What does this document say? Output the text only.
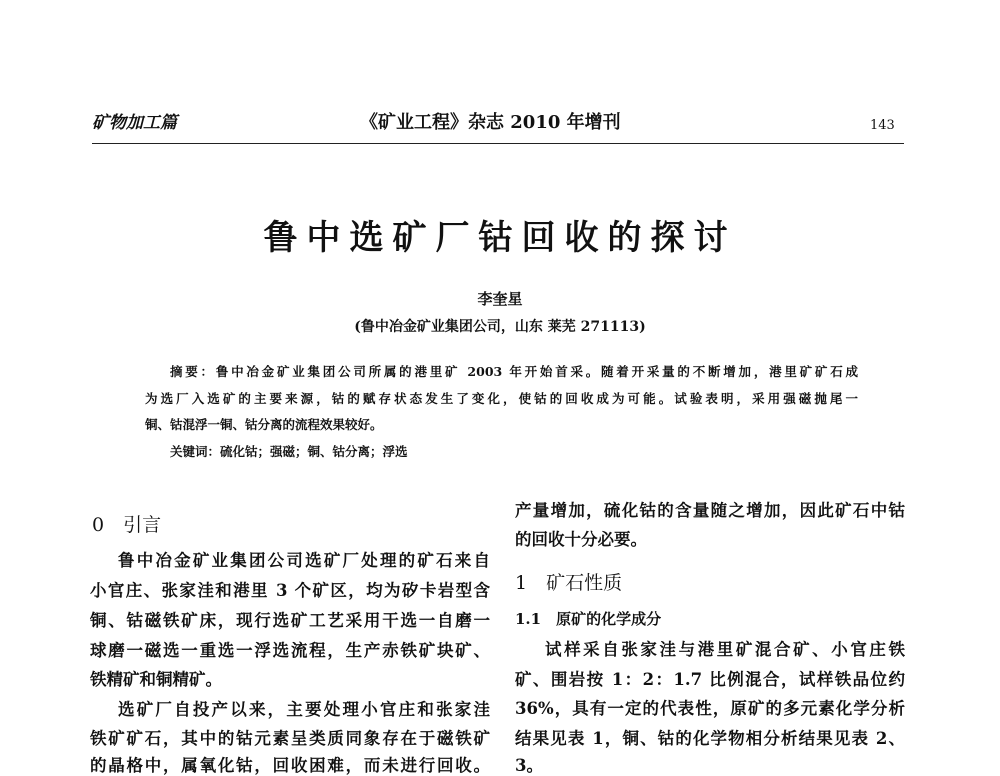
矿物加工篇	《矿业工程》杂志 2010 年增刊	143
鲁中选矿厂钴回收的探讨
李奎星
(鲁中冶金矿业集团公司，山东 莱芜 271113)
摘要：鲁中冶金矿业集团公司所属的港里矿 2003 年开始首采。随着开采量的不断增加，港里矿矿石成
为选厂入选矿的主要来源，钴的赋存状态发生了变化，使钴的回收成为可能。试验表明，采用强磁抛尾一
铜、钴混浮一铜、钴分离的流程效果较好。
关键词：硫化钴；强磁；铜、钴分离；浮选
0　引言
鲁中冶金矿业集团公司选矿厂处理的矿石来自
小官庄、张家洼和港里 3 个矿区，均为矽卡岩型含
铜、钴磁铁矿床，现行选矿工艺采用干选一自磨一
球磨一磁选一重选一浮选流程，生产赤铁矿块矿、
铁精矿和铜精矿。
选矿厂自投产以来，主要处理小官庄和张家洼
铁矿矿石，其中的钴元素呈类质同象存在于磁铁矿
的晶格中，属氧化钴，回收困难，而未进行回收。
产量增加，硫化钴的含量随之增加，因此矿石中钴
的回收十分必要。
1　矿石性质
1.1　原矿的化学成分
试样采自张家洼与港里矿混合矿、小官庄铁
矿、围岩按 1：2：1.7 比例混合，试样铁品位约
36%，具有一定的代表性，原矿的多元素化学分析
结果见表 1，铜、钴的化学物相分析结果见表 2、
3。
